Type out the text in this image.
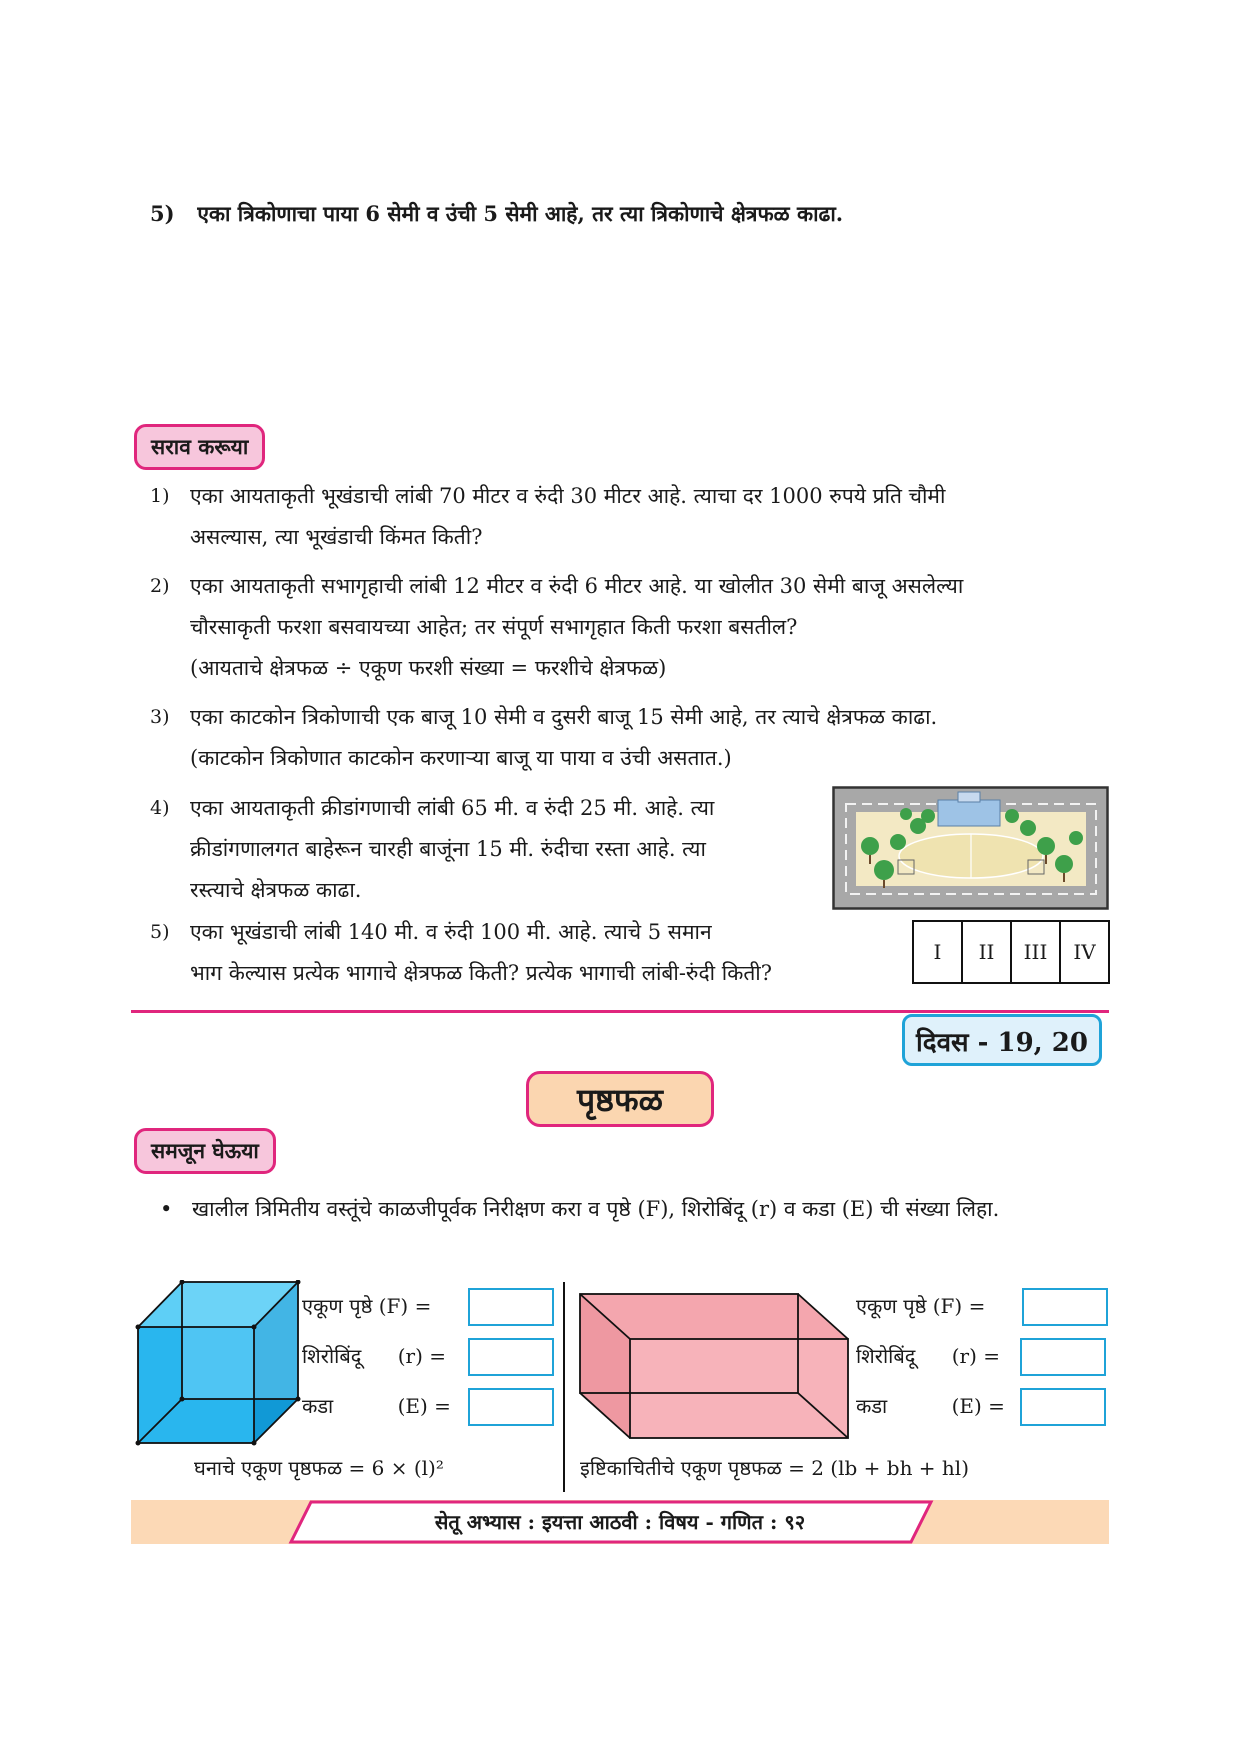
5) एका त्रिकोणाचा पाया 6 सेमी व उंची 5 सेमी आहे, तर त्या त्रिकोणाचे क्षेत्रफळ काढा.
सराव करूया
1) एका आयताकृती भूखंडाची लांबी 70 मीटर व रुंदी 30 मीटर आहे. त्याचा दर 1000 रुपये प्रति चौमी
असल्यास, त्या भूखंडाची किंमत किती?
2) एका आयताकृती सभागृहाची लांबी 12 मीटर व रुंदी 6 मीटर आहे. या खोलीत 30 सेमी बाजू असलेल्या
चौरसाकृती फरशा बसवायच्या आहेत; तर संपूर्ण सभागृहात किती फरशा बसतील?
(आयताचे क्षेत्रफळ ÷ एकूण फरशी संख्या = फरशीचे क्षेत्रफळ)
3) एका काटकोन त्रिकोणाची एक बाजू 10 सेमी व दुसरी बाजू 15 सेमी आहे, तर त्याचे क्षेत्रफळ काढा.
(काटकोन त्रिकोणात काटकोन करणाऱ्या बाजू या पाया व उंची असतात.)
4) एका आयताकृती क्रीडांगणाची लांबी 65 मी. व रुंदी 25 मी. आहे. त्या
क्रीडांगणालगत बाहेरून चारही बाजूंना 15 मी. रुंदीचा रस्ता आहे. त्या
रस्त्याचे क्षेत्रफळ काढा.
5) एका भूखंडाची लांबी 140 मी. व रुंदी 100 मी. आहे. त्याचे 5 समान
भाग केल्यास प्रत्येक भागाचे क्षेत्रफळ किती? प्रत्येक भागाची लांबी-रुंदी किती?
I	II	III	IV
दिवस - 19, 20
पृष्ठफळ
समजून घेऊया
• खालील त्रिमितीय वस्तूंचे काळजीपूर्वक निरीक्षण करा व पृष्ठे (F), शिरोबिंदू (r) व कडा (E) ची संख्या लिहा.
एकूण पृष्ठे (F) =
शिरोबिंदू (r) =
कडा	(E) =
घनाचे एकूण पृष्ठफळ = 6 × (l)²
एकूण पृष्ठे (F) =
शिरोबिंदू (r) =
कडा	(E) =
इष्टिकाचितीचे एकूण पृष्ठफळ = 2 (lb + bh + hl)
सेतू अभ्यास : इयत्ता आठवी : विषय - गणित : ९२
